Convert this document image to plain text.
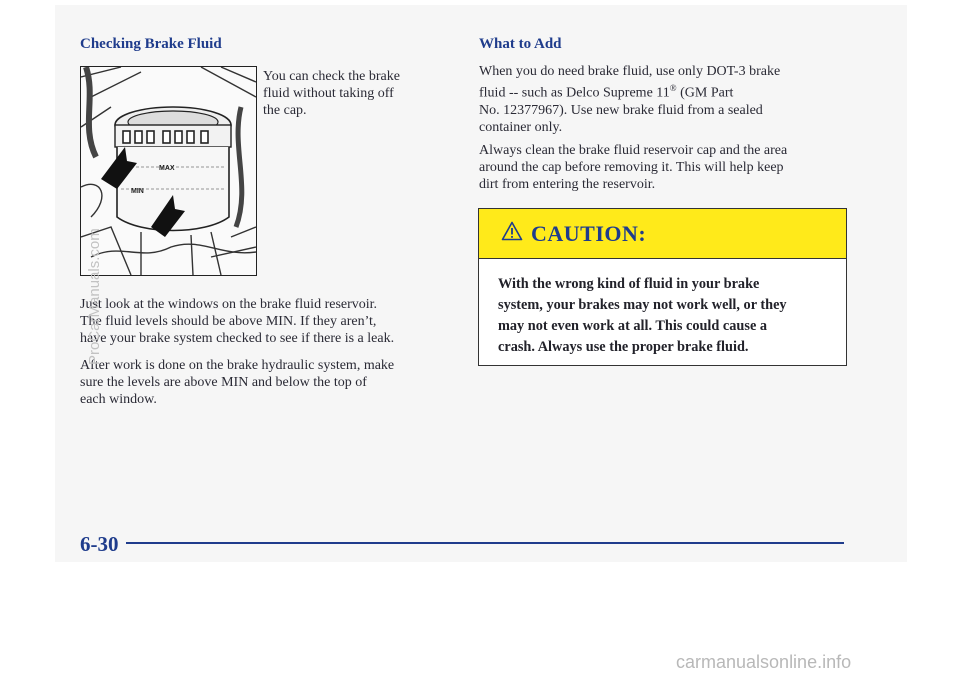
Checking Brake Fluid
MAX
MIN

You can check the brake
fluid without taking off
the cap.

Just look at the windows on the brake fluid reservoir.
The fluid levels should be above MIN. If they aren’t,
have your brake system checked to see if there is a leak.

After work is done on the brake hydraulic system, make
sure the levels are above MIN and below the top of
each window.

What to Add

When you do need brake fluid, use only DOT-3 brake
fluid -- such as Delco Supreme 11® (GM Part
No. 12377967). Use new brake fluid from a sealed
container only.

Always clean the brake fluid reservoir cap and the area
around the cap before removing it. This will help keep
dirt from entering the reservoir.

CAUTION:

With the wrong kind of fluid in your brake
system, your brakes may not work well, or they
may not even work at all. This could cause a
crash. Always use the proper brake fluid.

6-30
ProCarManuals.com
carmanualsonline.info
